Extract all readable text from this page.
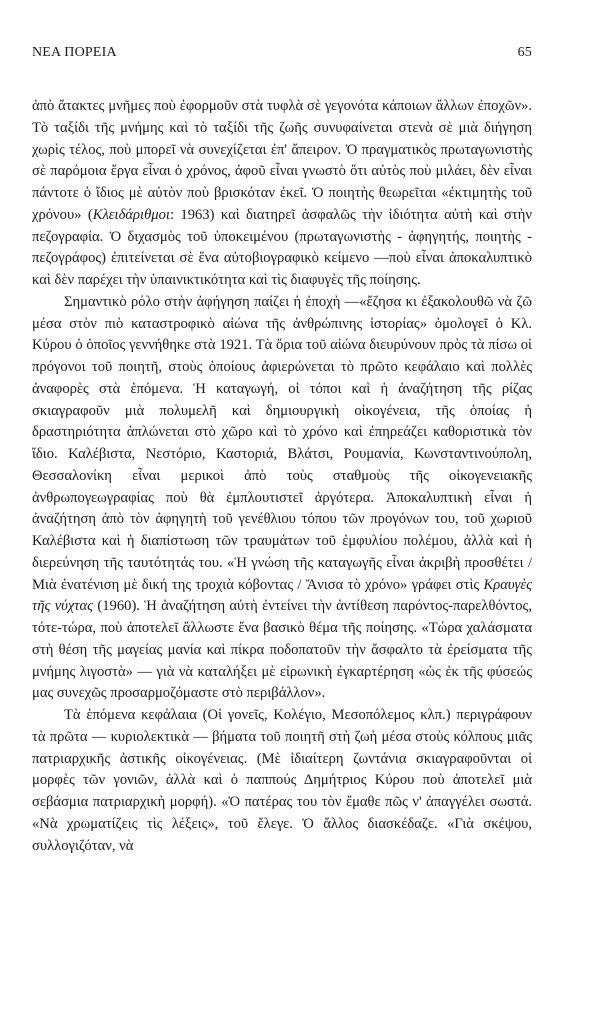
ΝΕΑ ΠΟΡΕΙΑ	65

ἀπὸ ἄτακτες μνῆμες ποὺ ἐφορμοῦν στὰ τυφλὰ σὲ γεγονότα κάποιων ἄλλων ἐποχῶν». Τὸ ταξίδι τῆς μνήμης καὶ τὸ ταξίδι τῆς ζωῆς συνυφαίνεται στενὰ σὲ μιὰ διήγηση χωρὶς τέλος, ποὺ μπορεῖ νὰ συνεχίζεται ἐπ' ἄπειρον. Ὁ πραγματικὸς πρωταγωνιστὴς σὲ παρόμοια ἔργα εἶναι ὁ χρόνος, ἀφοῦ εἶναι γνωστὸ ὅτι αὐτὸς ποὺ μιλάει, δὲν εἶναι πάντοτε ὁ ἴδιος μὲ αὐτὸν ποὺ βρισκόταν ἐκεῖ. Ὁ ποιητὴς θεωρεῖται «ἐκτιμητὴς τοῦ χρόνου» (Κλειδάριθμοι: 1963) καὶ διατηρεῖ ἀσφαλῶς τὴν ἰδιότητα αὐτὴ καὶ στὴν πεζογραφία. Ὁ διχασμὸς τοῦ ὑποκειμένου (πρωταγωνιστὴς - ἀφηγητής, ποιητὴς - πεζογράφος) ἐπιτείνεται σὲ ἕνα αὐτοβιογραφικὸ κείμενο —ποὺ εἶναι ἀποκαλυπτικὸ καὶ δὲν παρέχει τὴν ὑπαινικτικότητα καὶ τὶς διαφυγὲς τῆς ποίησης.

Σημαντικὸ ρόλο στὴν ἀφήγηση παίζει ἡ ἐποχὴ —«ἔζησα κι ἐξακολουθῶ νὰ ζῶ μέσα στὸν πιὸ καταστροφικὸ αἰώνα τῆς ἀνθρώπινης ἱστορίας» ὁμολογεῖ ὁ Κλ. Κύρου ὁ ὁποῖος γεννήθηκε στὰ 1921. Τὰ ὅρια τοῦ αἰώνα διευρύνουν πρὸς τὰ πίσω οἱ πρόγονοι τοῦ ποιητῆ, στοὺς ὁποίους ἀφιερώνεται τὸ πρῶτο κεφάλαιο καὶ πολλὲς ἀναφορὲς στὰ ἑπόμενα. Ἡ καταγωγή, οἱ τόποι καὶ ἡ ἀναζήτηση τῆς ρίζας σκιαγραφοῦν μιὰ πολυμελῆ καὶ δημιουργικὴ οἰκογένεια, τῆς ὁποίας ἡ δραστηριότητα ἁπλώνεται στὸ χῶρο καὶ τὸ χρόνο καὶ ἐπηρεάζει καθοριστικὰ τὸν ἴδιο. Καλέβιστα, Νεστόριο, Καστοριά, Βλάτσι, Ρουμανία, Κωνσταντινούπολη, Θεσσαλονίκη εἶναι μερικοὶ ἀπὸ τοὺς σταθμοὺς τῆς οἰκογενειακῆς ἀνθρωπογεωγραφίας ποὺ θὰ ἐμπλουτιστεῖ ἀργότερα. Ἀποκαλυπτικὴ εἶναι ἡ ἀναζήτηση ἀπὸ τὸν ἀφηγητὴ τοῦ γενέθλιου τόπου τῶν προγόνων του, τοῦ χωριοῦ Καλέβιστα καὶ ἡ διαπίστωση τῶν τραυμάτων τοῦ ἐμφυλίου πολέμου, ἀλλὰ καὶ ἡ διερεύνηση τῆς ταυτότητάς του. «Ἡ γνώση τῆς καταγωγῆς εἶναι ἀκριβὴ προσθέτει / Μιὰ ἐνατένιση μὲ δική της τροχιὰ κόβοντας / Ἄνισα τὸ χρόνο» γράφει στὶς Κραυγὲς τῆς νύχτας (1960). Ἡ ἀναζήτηση αὐτὴ ἐντείνει τὴν ἀντίθεση παρόντος-παρελθόντος, τότε-τώρα, ποὺ ἀποτελεῖ ἄλλωστε ἕνα βασικὸ θέμα τῆς ποίησης. «Τώρα χαλάσματα στὴ θέση τῆς μαγείας μανία καὶ πίκρα ποδοπατοῦν τὴν ἄσφαλτο τὰ ἐρείσματα τῆς μνήμης λιγοστὰ» — γιὰ νὰ καταλήξει μὲ εἰρωνικὴ ἐγκαρτέρηση «ὡς ἐκ τῆς φύσεώς μας συνεχῶς προσαρμοζόμαστε στὸ περιβάλλον».

Τὰ ἑπόμενα κεφάλαια (Οἱ γονεῖς, Κολέγιο, Μεσοπόλεμος κλπ.) περιγράφουν τὰ πρῶτα — κυριολεκτικὰ — βήματα τοῦ ποιητῆ στὴ ζωὴ μέσα στοὺς κόλπους μιᾶς πατριαρχικῆς ἀστικῆς οἰκογένειας. (Μὲ ἰδιαίτερη ζωντάνια σκιαγραφοῦνται οἱ μορφὲς τῶν γονιῶν, ἀλλὰ καὶ ὁ παππούς Δημήτριος Κύρου ποὺ ἀποτελεῖ μιὰ σεβάσμια πατριαρχικὴ μορφή). «Ὁ πατέρας του τὸν ἔμαθε πῶς ν' ἀπαγγέλει σωστά. «Νὰ χρωματίζεις τὶς λέξεις», τοῦ ἔλεγε. Ὁ ἄλλος διασκέδαζε. «Γιὰ σκέψου, συλλογιζόταν, νὰ
